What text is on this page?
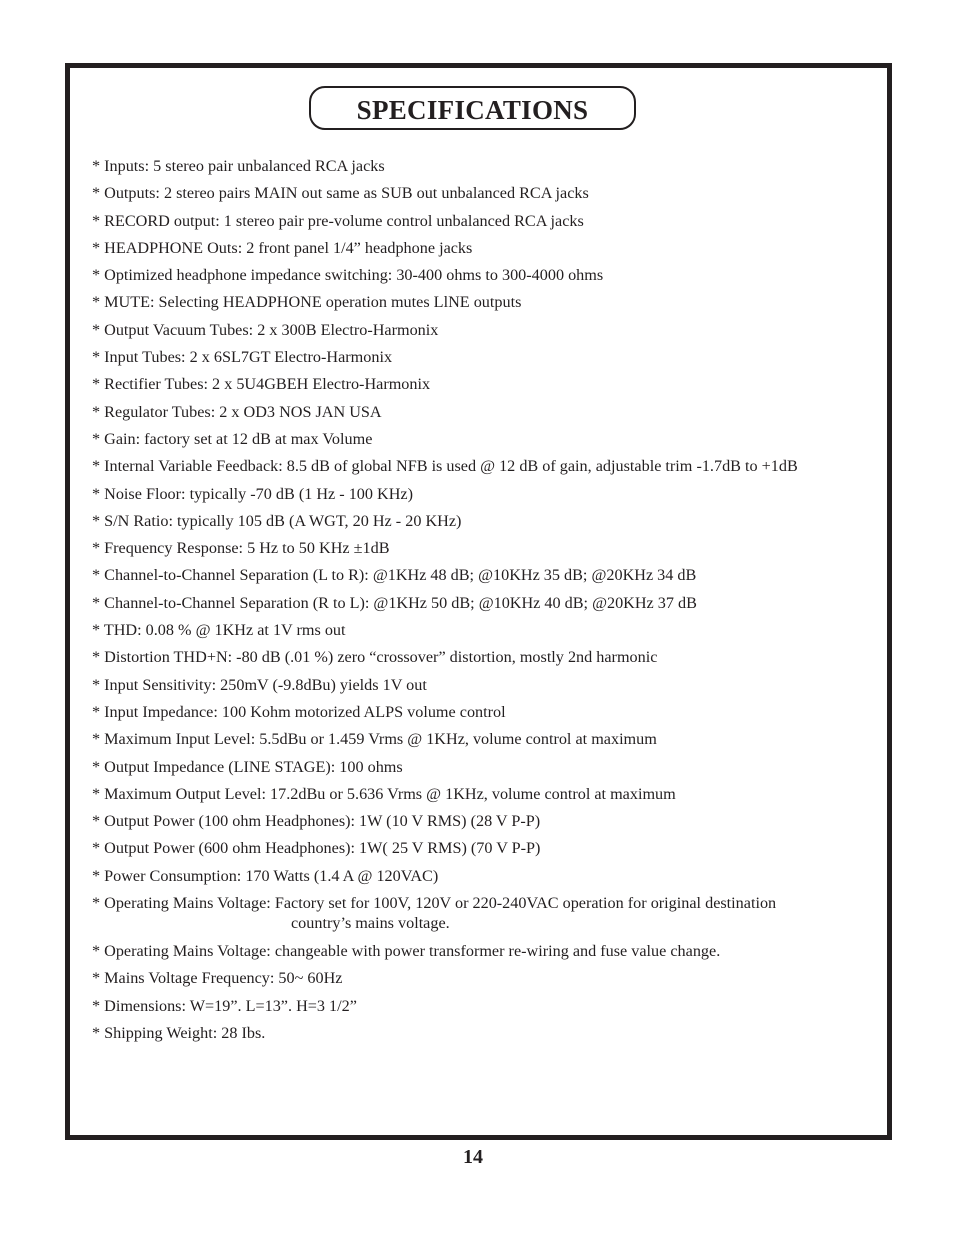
SPECIFICATIONS
* Inputs: 5 stereo pair unbalanced RCA jacks
* Outputs: 2 stereo pairs MAIN out same as SUB out unbalanced RCA jacks
* RECORD output: 1 stereo pair pre-volume control unbalanced RCA jacks
* HEADPHONE Outs: 2 front panel 1/4” headphone jacks
* Optimized headphone impedance switching: 30-400 ohms to 300-4000 ohms
* MUTE: Selecting HEADPHONE operation mutes LlNE outputs
* Output Vacuum Tubes: 2 x 300B Electro-Harmonix
* Input Tubes: 2 x 6SL7GT Electro-Harmonix
* Rectifier Tubes: 2 x 5U4GBEH Electro-Harmonix
* Regulator Tubes: 2 x OD3 NOS JAN USA
* Gain: factory set at 12 dB at max Volume
* Internal Variable Feedback: 8.5 dB of global NFB is used @ 12 dB of gain, adjustable trim -1.7dB to +1dB
* Noise Floor: typically -70 dB (1 Hz - 100 KHz)
* S/N Ratio: typically 105 dB (A WGT, 20 Hz - 20 KHz)
* Frequency Response: 5 Hz to 50 KHz ±1dB
* Channel-to-Channel Separation (L to R): @1KHz 48 dB; @10KHz 35 dB; @20KHz 34 dB
* Channel-to-Channel Separation (R to L): @1KHz 50 dB; @10KHz 40 dB; @20KHz 37 dB
* THD: 0.08 % @ 1KHz at 1V rms out
* Distortion THD+N: -80 dB (.01 %) zero “crossover” distortion, mostly 2nd harmonic
* Input Sensitivity: 250mV (-9.8dBu) yields 1V out
* Input Impedance: 100 Kohm motorized ALPS volume control
* Maximum Input Level: 5.5dBu or 1.459 Vrms @ 1KHz, volume control at maximum
* Output Impedance (LINE STAGE): 100 ohms
* Maximum Output Level: 17.2dBu or 5.636 Vrms @ 1KHz, volume control at maximum
* Output Power (100 ohm Headphones): 1W (10 V RMS) (28 V P-P)
* Output Power (600 ohm Headphones): 1W( 25 V RMS) (70 V P-P)
* Power Consumption: 170 Watts (1.4 A @ 120VAC)
* Operating Mains Voltage: Factory set for 100V, 120V or 220-240VAC operation for original destination
country’s mains voltage.
* Operating Mains Voltage: changeable with power transformer re-wiring and fuse value change.
* Mains Voltage Frequency: 50~ 60Hz
* Dimensions: W=19”. L=13”. H=3 1/2”
* Shipping Weight: 28 Ibs.
14
